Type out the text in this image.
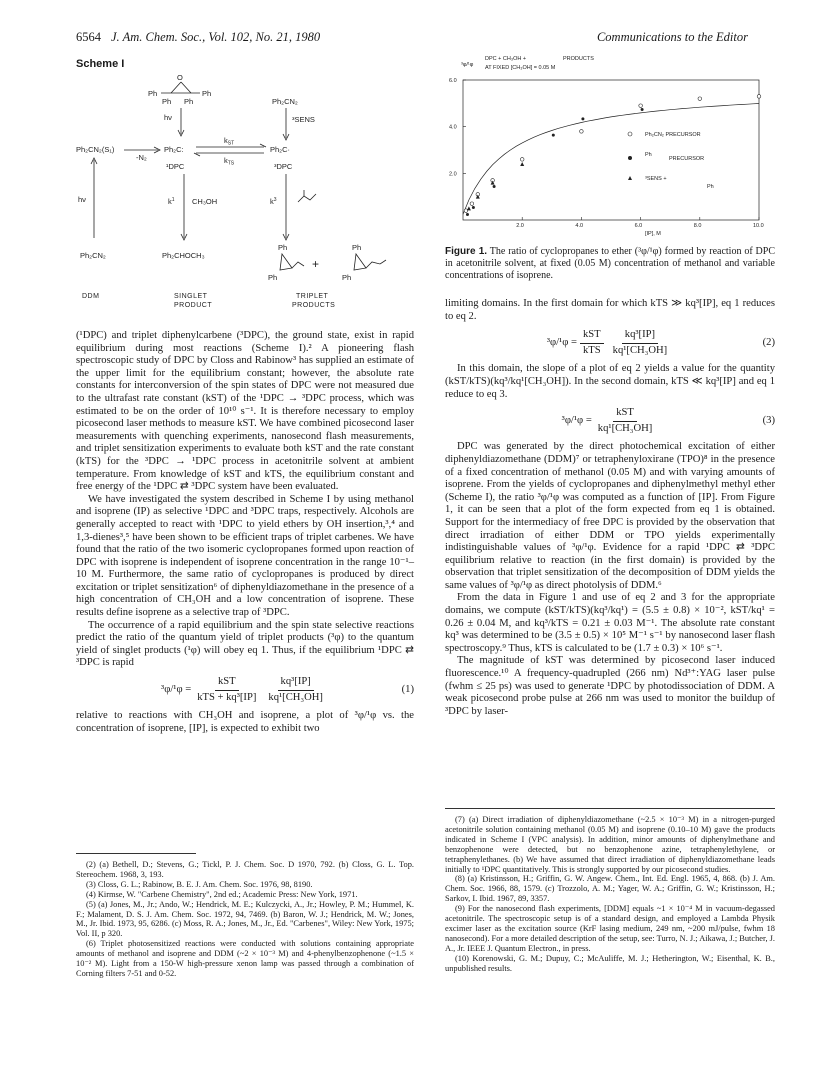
6564 J. Am. Chem. Soc., Vol. 102, No. 21, 1980	Communications to the Editor
Scheme I
Ph	Ph
O
Ph Ph
hν
Ph₂CN₂(S₁)
-N₂
Ph₂C:
$k_{ST}$
$k_{TS}$
Ph₂C·
¹DPC	³DPC
Ph₂CN₂
³SENS
hν	$k^1$ CH₃OH	$k^3$
Ph₂CN₂	Ph₂CHOCH₃
Ph
Ph
+
Ph
Ph
DDM	SINGLET
PRODUCT
TRIPLET
PRODUCTS
³φ/¹φ
DPC + CH₃OH +	PRODUCTS
AT FIXED [CH₃OH] = 0.05 M
[IP], M
2.0	4.0	6.0	8.0	10.0
2.0
4.0
6.0
Ph₂CN₂ PRECURSOR
Ph
PRECURSOR
³SENS +
Ph
Figure 1. The ratio of cyclopropanes to ether (³φ/¹φ) formed by reaction of DPC in acetonitrile solvent, at fixed (0.05 M) concentration of methanol and variable concentrations of isoprene.

(¹DPC) and triplet diphenylcarbene (³DPC), the ground state, exist in rapid equilibrium during most reactions (Scheme I).² A pioneering flash spectroscopic study of DPC by Closs and Rabinow³ has supplied an estimate of the upper limit for the equilibrium constant; however, the absolute rate constants for interconversion of the spin states of DPC were not measured due to the ultrafast rate constant (kST) of the ¹DPC → ³DPC process, which was estimated to be on the order of 10¹⁰ s⁻¹. It is therefore necessary to employ picosecond laser methods to measure kST. We have combined picosecond laser measurements with quenching experiments, nanosecond flash measurements, and triplet sensitization experiments to evaluate both kST and the rate constant (kTS) for the ³DPC → ¹DPC process in acetonitrile solvent at ambient temperature. From knowledge of kST and kTS, the equilibrium constant and free energy of the ¹DPC ⇄ ³DPC system have been evaluated.

We have investigated the system described in Scheme I by using methanol and isoprene (IP) as selective ¹DPC and ³DPC traps, respectively. Alcohols are generally accepted to react with ¹DPC to yield ethers by OH insertion,³,⁴ and 1,3-dienes³,⁵ have been shown to be efficient traps of triplet carbenes. We have found that the ratio of the two isomeric cyclopropanes formed upon reaction of DPC with isoprene is independent of isoprene concentration in the range 10⁻¹–10 M. Furthermore, the same ratio of cyclopropanes is produced by direct excitation or triplet sensitization⁶ of diphenyldiazomethane in the presence of a high concentration of CH₃OH and a low concentration of isoprene. These results define isoprene as a selective trap of ³DPC.

The occurrence of a rapid equilibrium and the spin state selective reactions predict the ratio of the quantum yield of triplet products (³φ) to the quantum yield of singlet products (¹φ) will obey eq 1. Thus, if the equilibrium ¹DPC ⇄ ³DPC is rapid

$^3\varphi/^1\varphi = \frac{\text{kST}}{\text{kTS + kq³[IP]}} \frac{\text{kq³[IP]}}{\text{kq¹[CH₃OH]}}$	(1)

relative to reactions with CH₃OH and isoprene, a plot of ³φ/¹φ vs. the concentration of isoprene, [IP], is expected to exhibit two

limiting domains. In the first domain for which kTS ≫ kq³[IP], eq 1 reduces to eq 2.

$^3\varphi/^1\varphi = \frac{\text{kST}}{\text{kTS}} \frac{\text{kq³[IP]}}{\text{kq¹[CH₃OH]}}$	(2)

In this domain, the slope of a plot of eq 2 yields a value for the quantity (kST/kTS)(kq³/kq¹[CH₃OH]). In the second domain, kTS ≪ kq³[IP] and eq 1 reduce to eq 3.

$^3\varphi/^1\varphi = \frac{\text{kST}}{\text{kq¹[CH₃OH]}}$	(3)

DPC was generated by the direct photochemical excitation of either diphenyldiazomethane (DDM)⁷ or tetraphenyloxirane (TPO)⁸ in the presence of a fixed concentration of methanol (0.05 M) and with varying amounts of isoprene. From the yields of cyclopropanes and diphenylmethyl methyl ether (Scheme I), the ratio ³φ/¹φ was computed as a function of [IP]. From Figure 1, it can be seen that a plot of the form expected from eq 1 is obtained. Support for the intermediacy of free DPC is provided by the observation that direct irradiation of either DDM or TPO yields experimentally indistinguishable values of ³φ/¹φ. Evidence for a rapid ¹DPC ⇄ ³DPC equilibrium relative to reaction (in the first domain) is provided by the observation that triplet sensitization of the decomposition of DDM yields the same values of ³φ/¹φ as direct photolysis of DDM.⁶

From the data in Figure 1 and use of eq 2 and 3 for the appropriate domains, we compute (kST/kTS)(kq³/kq¹) = (5.5 ± 0.8) × 10⁻², kST/kq¹ = 0.26 ± 0.04 M, and kq³/kTS = 0.21 ± 0.03 M⁻¹. The absolute rate constant kq³ was determined to be (3.5 ± 0.5) × 10⁵ M⁻¹ s⁻¹ by nanosecond laser flash spectroscopy.⁹ Thus, kTS is calculated to be (1.7 ± 0.3) × 10⁶ s⁻¹.

The magnitude of kST was determined by picosecond laser induced fluorescence.¹⁰ A frequency-quadrupled (266 nm) Nd³⁺:YAG laser pulse (fwhm ≤ 25 ps) was used to generate ¹DPC by photodissociation of DDM. A weak picosecond probe pulse at 266 nm was used to monitor the buildup of ³DPC by laser-

(2) (a) Bethell, D.; Stevens, G.; Tickl, P. J. Chem. Soc. D 1970, 792. (b) Closs, G. L. Top. Stereochem. 1968, 3, 193.

(3) Closs, G. L.; Rabinow, B. E. J. Am. Chem. Soc. 1976, 98, 8190.

(4) Kirmse, W. "Carbene Chemistry", 2nd ed.; Academic Press: New York, 1971.

(5) (a) Jones, M., Jr.; Ando, W.; Hendrick, M. E.; Kulczycki, A., Jr.; Howley, P. M.; Hummel, K. F.; Malament, D. S. J. Am. Chem. Soc. 1972, 94, 7469. (b) Baron, W. J.; Hendrick, M. W.; Jones, M., Jr. Ibid. 1973, 95, 6286. (c) Moss, R. A.; Jones, M., Jr., Ed. "Carbenes", Wiley: New York, 1975; Vol. II, p 320.

(6) Triplet photosensitized reactions were conducted with solutions containing appropriate amounts of methanol and isoprene and DDM (~2 × 10⁻³ M) and 4-phenylbenzophenone (~1.5 × 10⁻² M). Light from a 150-W high-pressure xenon lamp was passed through a combination of Corning filters 7-51 and 0-52.

(7) (a) Direct irradiation of diphenyldiazomethane (~2.5 × 10⁻³ M) in a nitrogen-purged acetonitrile solution containing methanol (0.05 M) and isoprene (0.10–10 M) gave the products indicated in Scheme I (VPC analysis). In addition, minor amounts of diphenylmethane and benzophenone were detected, but no benzophenone azine, tetraphenylethylene, or tetraphenylethanes. (b) We have assumed that direct irradiation of diphenyldiazomethane leads initially to ¹DPC quantitatively. This is strongly supported by our picosecond studies.

(8) (a) Kristinsson, H.; Griffin, G. W. Angew. Chem., Int. Ed. Engl. 1965, 4, 868. (b) J. Am. Chem. Soc. 1966, 88, 1579. (c) Trozzolo, A. M.; Yager, W. A.; Griffin, G. W.; Kristinsson, H.; Sarkov, I. Ibid. 1967, 89, 3357.

(9) For the nanosecond flash experiments, [DDM] equals ~1 × 10⁻⁴ M in vacuum-degassed acetonitrile. The spectroscopic setup is of a standard design, and employed a Lambda Physik excimer laser as the excitation source (KrF lasing medium, 249 nm, ~200 mJ/pulse, fwhm 18 nanosecond). For a more detailed description of the setup, see: Turro, N. J.; Aikawa, J.; Butcher, J. A., Jr. IEEE J. Quantum Electron., in press.

(10) Korenowski, G. M.; Dupuy, C.; McAuliffe, M. J.; Hetherington, W.; Eisenthal, K. B., unpublished results.
